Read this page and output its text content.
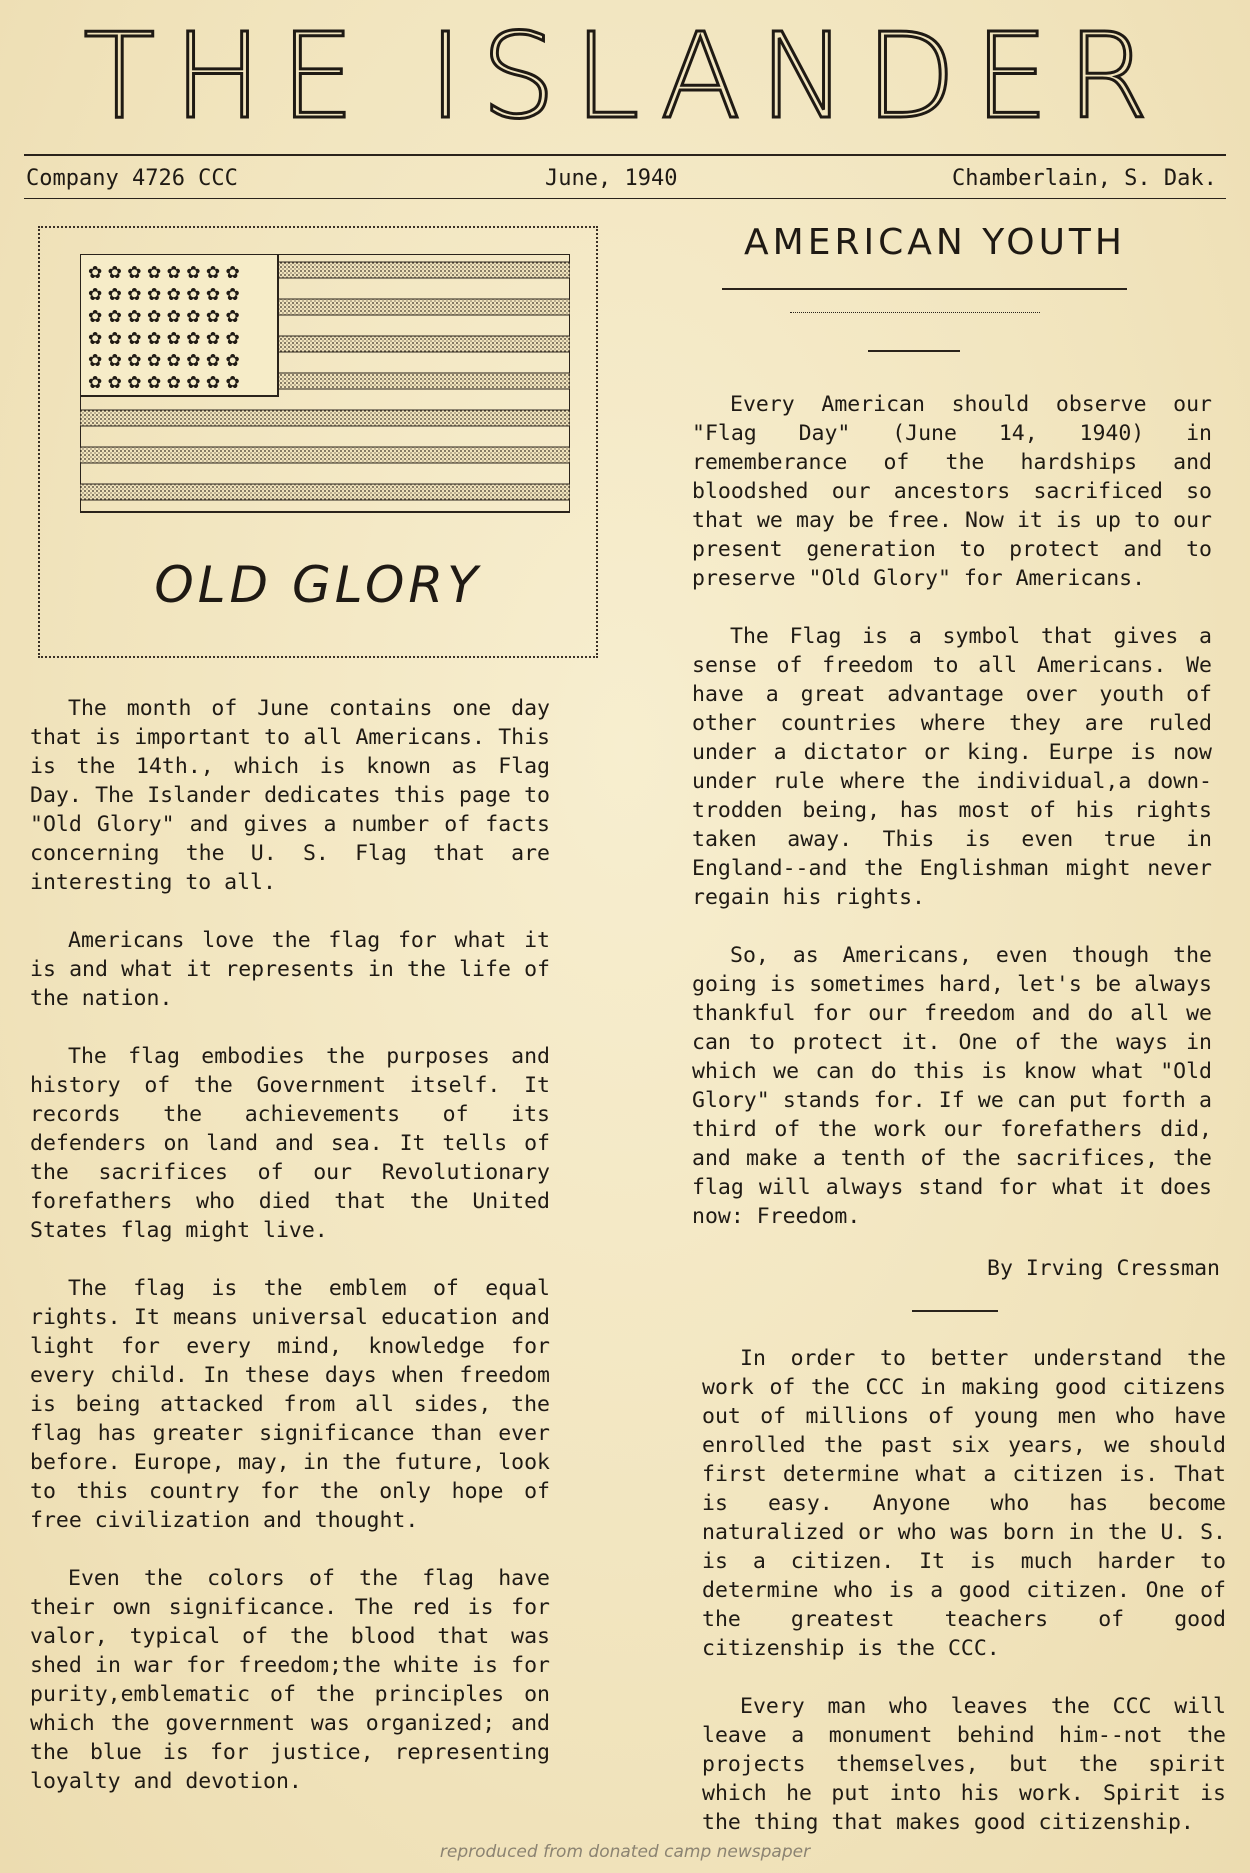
THE ISLANDER
Company 4726 CCC	June, 1940	Chamberlain, S. Dak.
✿ ✿ ✿ ✿ ✿ ✿ ✿ ✿
✿ ✿ ✿ ✿ ✿ ✿ ✿ ✿
✿ ✿ ✿ ✿ ✿ ✿ ✿ ✿
✿ ✿ ✿ ✿ ✿ ✿ ✿ ✿
✿ ✿ ✿ ✿ ✿ ✿ ✿ ✿
✿ ✿ ✿ ✿ ✿ ✿ ✿ ✿
OLD GLORY

The month of June contains one day that is important to all Americans. This is the 14th., which is known as Flag Day. The Islander dedicates this page to "Old Glory" and gives a number of facts concerning the U. S. Flag that are interesting to all.

Americans love the flag for what it is and what it represents in the life of the nation.

The flag embodies the purposes and history of the Government itself. It records the achievements of its defenders on land and sea. It tells of the sacrifices of our Revolutionary forefathers who died that the United States flag might live.

The flag is the emblem of equal rights. It means universal education and light for every mind, knowledge for every child. In these days when freedom is being attacked from all sides, the flag has greater significance than ever before. Europe, may, in the future, look to this country for the only hope of free civilization and thought.

Even the colors of the flag have their own significance. The red is for valor, typical of the blood that was shed in war for freedom;the white is for purity,emblematic of the principles on which the government was organized; and the blue is for justice, representing loyalty and devotion.

AMERICAN YOUTH

Every American should observe our "Flag Day" (June 14, 1940) in rememberance of the hardships and bloodshed our ancestors sacrificed so that we may be free. Now it is up to our present generation to protect and to preserve "Old Glory" for Americans.

The Flag is a symbol that gives a sense of freedom to all Americans. We have a great advantage over youth of other countries where they are ruled under a dictator or king. Eurpe is now under rule where the individual,a down-trodden being, has most of his rights taken away. This is even true in England--and the Englishman might never regain his rights.

So, as Americans, even though the going is sometimes hard, let's be always thankful for our freedom and do all we can to protect it. One of the ways in which we can do this is know what "Old Glory" stands for. If we can put forth a third of the work our forefathers did, and make a tenth of the sacrifices, the flag will always stand for what it does now: Freedom.

By Irving Cressman

In order to better understand the work of the CCC in making good citizens out of millions of young men who have enrolled the past six years, we should first determine what a citizen is. That is easy. Anyone who has become naturalized or who was born in the U. S. is a citizen. It is much harder to determine who is a good citizen. One of the greatest teachers of good citizenship is the CCC.

Every man who leaves the CCC will leave a monument behind him--not the projects themselves, but the spirit which he put into his work. Spirit is the thing that makes good citizenship.

reproduced from donated camp newspaper
